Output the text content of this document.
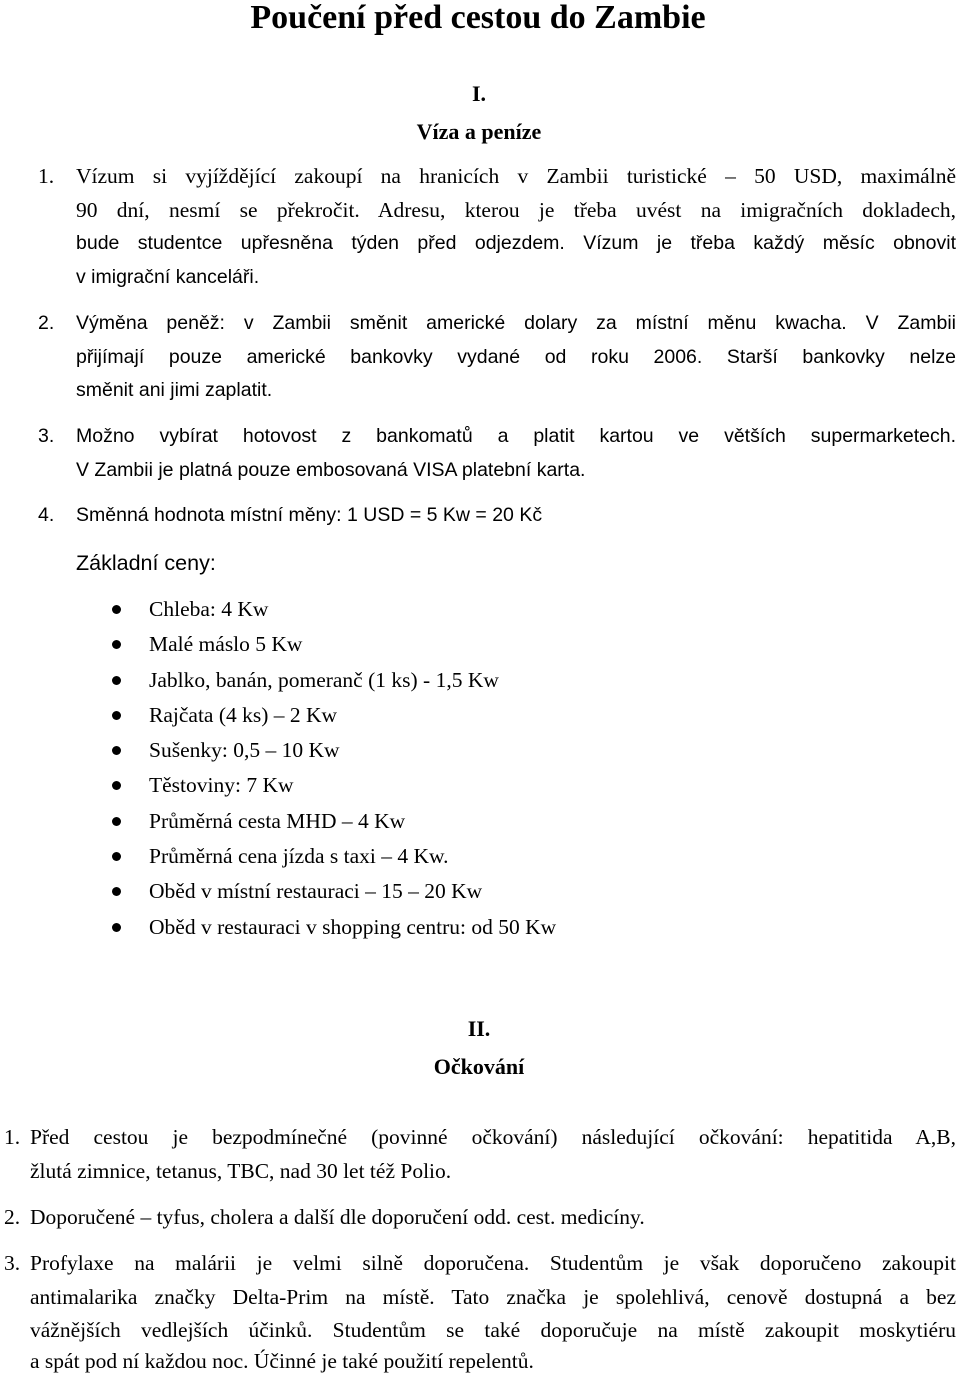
Poučení před cestou do Zambie
I.
Víza a peníze
1. Vízum si vyjíždějící zakoupí na hranicích v Zambii turistické – 50 USD, maximálně
90 dní, nesmí se překročit. Adresu, kterou je třeba uvést na imigračních dokladech,
bude studentce upřesněna týden před odjezdem. Vízum je třeba každý měsíc obnovit
v imigrační kanceláři.
2. Výměna peněž: v Zambii směnit americké dolary za místní měnu kwacha. V Zambii
přijímají pouze americké bankovky vydané od roku 2006. Starší bankovky nelze
směnit ani jimi zaplatit.
3. Možno vybírat hotovost z bankomatů a platit kartou ve větších supermarketech.
V Zambii je platná pouze embosovaná VISA platební karta.
4. Směnná hodnota místní měny: 1 USD = 5 Kw = 20 Kč
Základní ceny:
Chleba: 4 Kw
Malé máslo 5 Kw
Jablko, banán, pomeranč (1 ks) - 1,5 Kw
Rajčata (4 ks) – 2 Kw
Sušenky: 0,5 – 10 Kw
Těstoviny: 7 Kw
Průměrná cesta MHD – 4 Kw
Průměrná cena jízda s taxi – 4 Kw.
Oběd v místní restauraci – 15 – 20 Kw
Oběd v restauraci v shopping centru: od 50 Kw
II.
Očkování
1. Před cestou je bezpodmínečné (povinné očkování) následující očkování: hepatitida A,B,
žlutá zimnice, tetanus, TBC, nad 30 let též Polio.
2. Doporučené – tyfus, cholera a další dle doporučení odd. cest. medicíny.
3. Profylaxe na malárii je velmi silně doporučena. Studentům je však doporučeno zakoupit
antimalarika značky Delta-Prim na místě. Tato značka je spolehlivá, cenově dostupná a bez
vážnějších vedlejších účinků. Studentům se také doporučuje na místě zakoupit moskytiéru
a spát pod ní každou noc. Účinné je také použití repelentů.
